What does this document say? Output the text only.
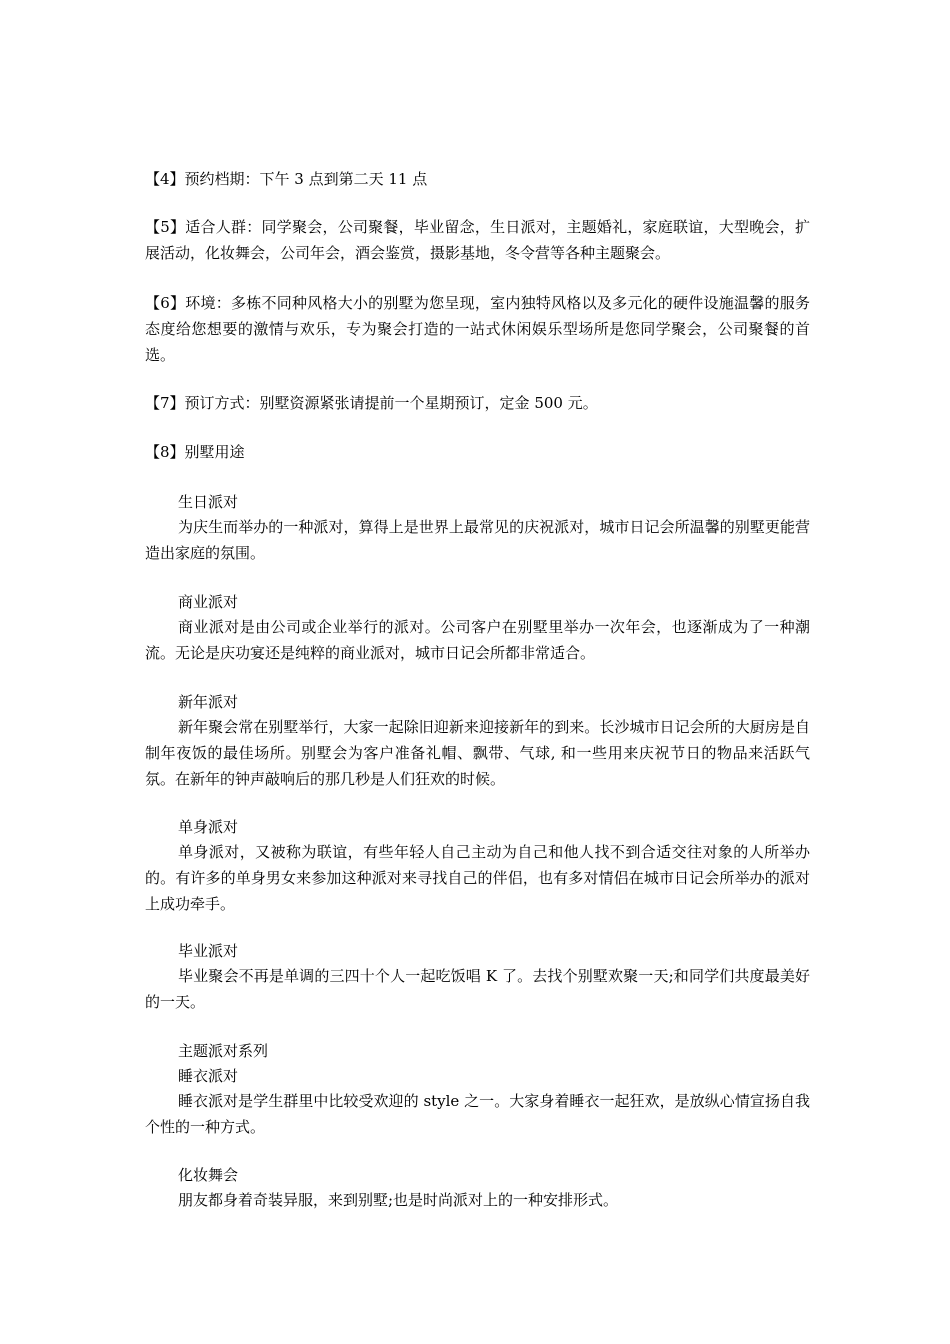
【4】预约档期：下午 3 点到第二天 11 点

【5】适合人群：同学聚会，公司聚餐，毕业留念，生日派对，主题婚礼，家庭联谊，大型晚会，扩展活动，化妆舞会，公司年会，酒会鉴赏，摄影基地，冬令营等各种主题聚会。

【6】环境：多栋不同种风格大小的别墅为您呈现，室内独特风格以及多元化的硬件设施温馨的服务态度给您想要的激情与欢乐，专为聚会打造的一站式休闲娱乐型场所是您同学聚会，公司聚餐的首选。

【7】预订方式：别墅资源紧张请提前一个星期预订，定金 500 元。

【8】别墅用途

生日派对

为庆生而举办的一种派对，算得上是世界上最常见的庆祝派对，城市日记会所温馨的别墅更能营造出家庭的氛围。

商业派对

商业派对是由公司或企业举行的派对。公司客户在别墅里举办一次年会，也逐渐成为了一种潮流。无论是庆功宴还是纯粹的商业派对，城市日记会所都非常适合。

新年派对

新年聚会常在别墅举行，大家一起除旧迎新来迎接新年的到来。长沙城市日记会所的大厨房是自制年夜饭的最佳场所。别墅会为客户准备礼帽、飘带、气球, 和一些用来庆祝节日的物品来活跃气氛。在新年的钟声敲响后的那几秒是人们狂欢的时候。

单身派对

单身派对，又被称为联谊，有些年轻人自己主动为自己和他人找不到合适交往对象的人所举办的。有许多的单身男女来参加这种派对来寻找自己的伴侣，也有多对情侣在城市日记会所举办的派对上成功牵手。

毕业派对

毕业聚会不再是单调的三四十个人一起吃饭唱 K 了。去找个别墅欢聚一天;和同学们共度最美好的一天。

主题派对系列

睡衣派对

睡衣派对是学生群里中比较受欢迎的 style 之一。大家身着睡衣一起狂欢，是放纵心情宣扬自我个性的一种方式。

化妆舞会

朋友都身着奇装异服，来到别墅;也是时尚派对上的一种安排形式。
